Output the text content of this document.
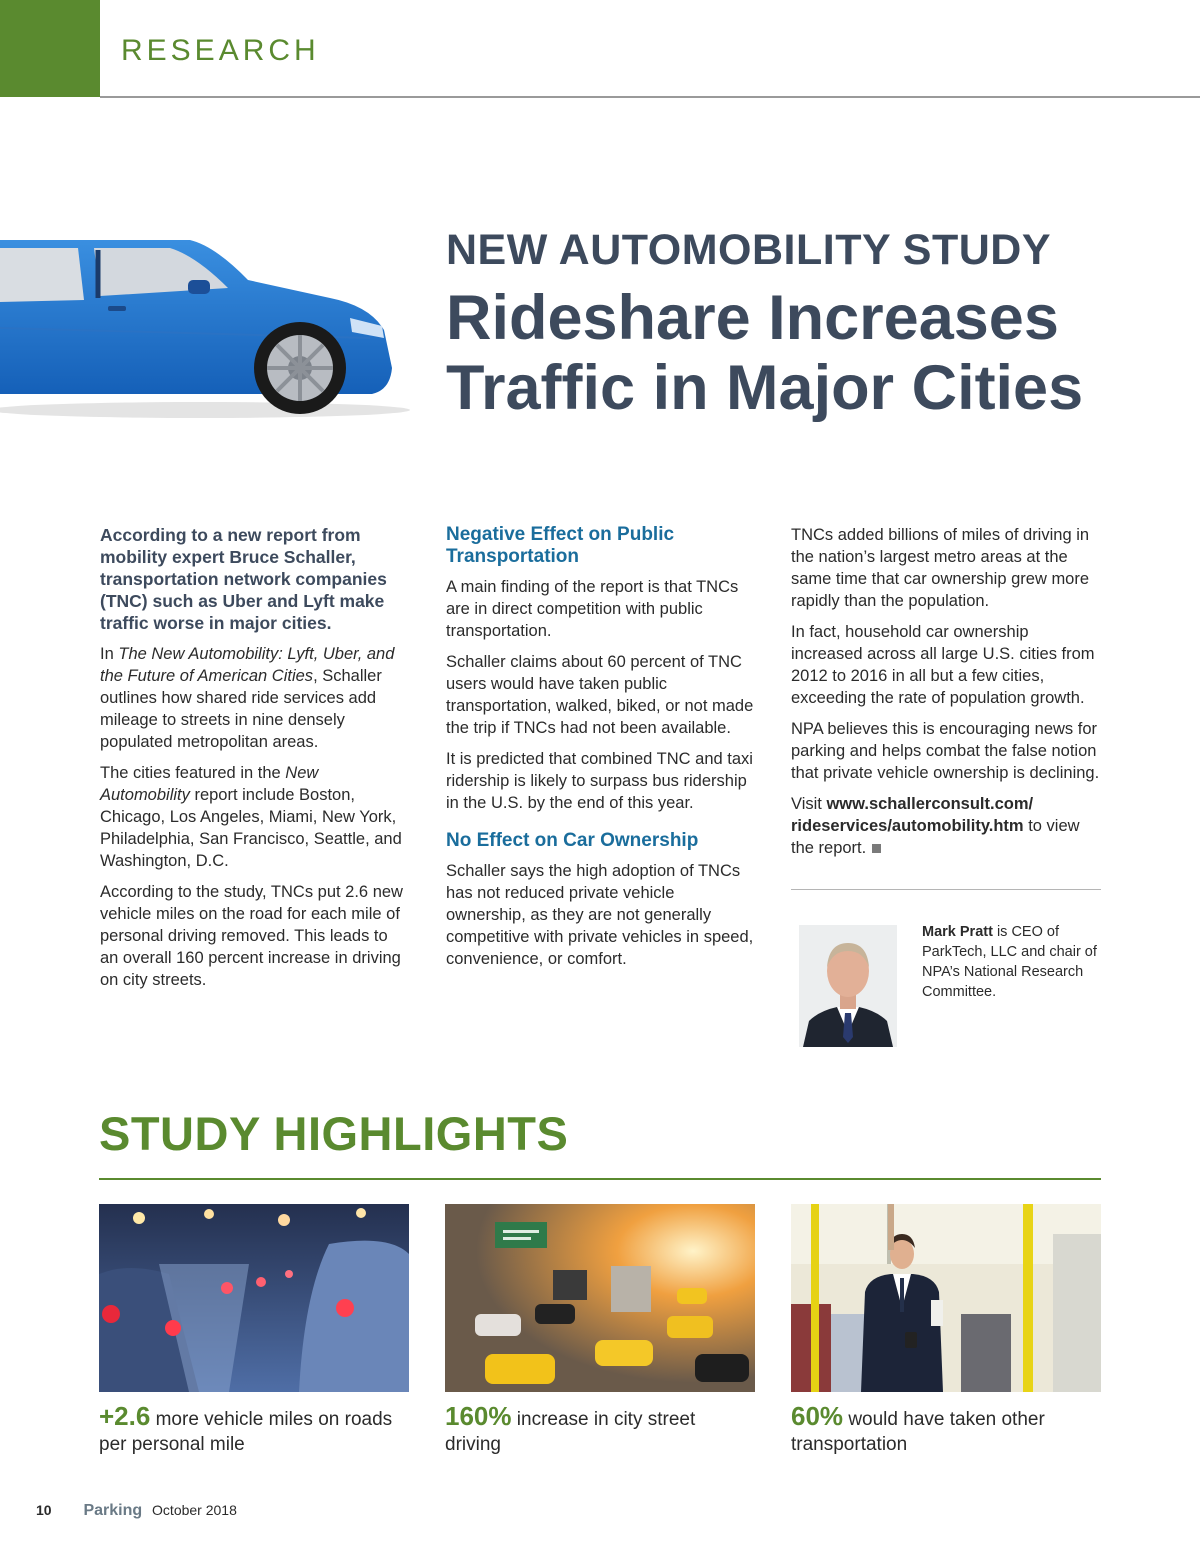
RESEARCH
NEW AUTOMOBILITY STUDY
Rideshare Increases
Traffic in Major Cities

According to a new report from mobility expert Bruce Schaller, transportation network companies (TNC) such as Uber and Lyft make traffic worse in major cities.

In The New Automobility: Lyft, Uber, and the Future of American Cities, Schaller outlines how shared ride services add mileage to streets in nine densely populated metropolitan areas.

The cities featured in the New Automobility report include Boston, Chicago, Los Angeles, Miami, New York, Philadelphia, San Francisco, Seattle, and Washington, D.C.

According to the study, TNCs put 2.6 new vehicle miles on the road for each mile of personal driving removed. This leads to an overall 160 percent increase in driving on city streets.

Negative Effect on Public Transportation

A main finding of the report is that TNCs are in direct competition with public transportation.

Schaller claims about 60 percent of TNC users would have taken public transportation, walked, biked, or not made the trip if TNCs had not been available.

It is predicted that combined TNC and taxi ridership is likely to surpass bus ridership in the U.S. by the end of this year.

No Effect on Car Ownership

Schaller says the high adoption of TNCs has not reduced private vehicle ownership, as they are not generally competitive with private vehicles in speed, convenience, or comfort.

TNCs added billions of miles of driving in the nation’s largest metro areas at the same time that car ownership grew more rapidly than the population.

In fact, household car ownership increased across all large U.S. cities from 2012 to 2016 in all but a few cities, exceeding the rate of population growth.

NPA believes this is encouraging news for parking and helps combat the false notion that private vehicle ownership is declining.

Visit www.schallerconsult.com/ rideservices/automobility.htm to view the report.

Mark Pratt is CEO of ParkTech, LLC and chair of NPA’s National Research Committee.
STUDY HIGHLIGHTS
+2.6 more vehicle miles on roads per personal mile
160% increase in city street driving
60% would have taken other transportation
10 Parking October 2018
